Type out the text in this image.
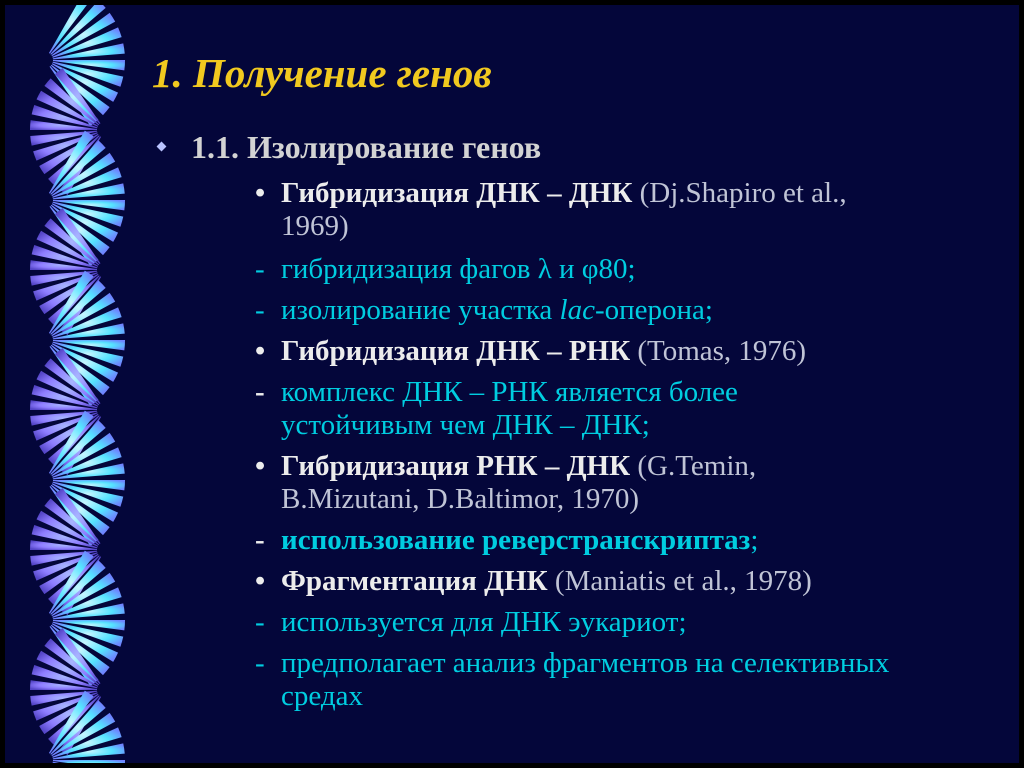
1. Получение генов
1.1. Изолирование генов
• Гибридизация ДНК – ДНК (Dj.Shapiro et al.,
1969)
- гибридизация фагов λ и φ80;
- изолирование участка lac-оперона;
• Гибридизация ДНК – РНК (Tomas, 1976)
- комплекс ДНК – РНК является более
устойчивым чем ДНК – ДНК;
• Гибридизация РНК – ДНК (G.Temin,
B.Mizutani, D.Baltimor, 1970)
- использование реверстранскриптаз;
• Фрагментация ДНК (Maniatis et al., 1978)
- используется для ДНК эукариот;
- предполагает анализ фрагментов на селективных
средах
